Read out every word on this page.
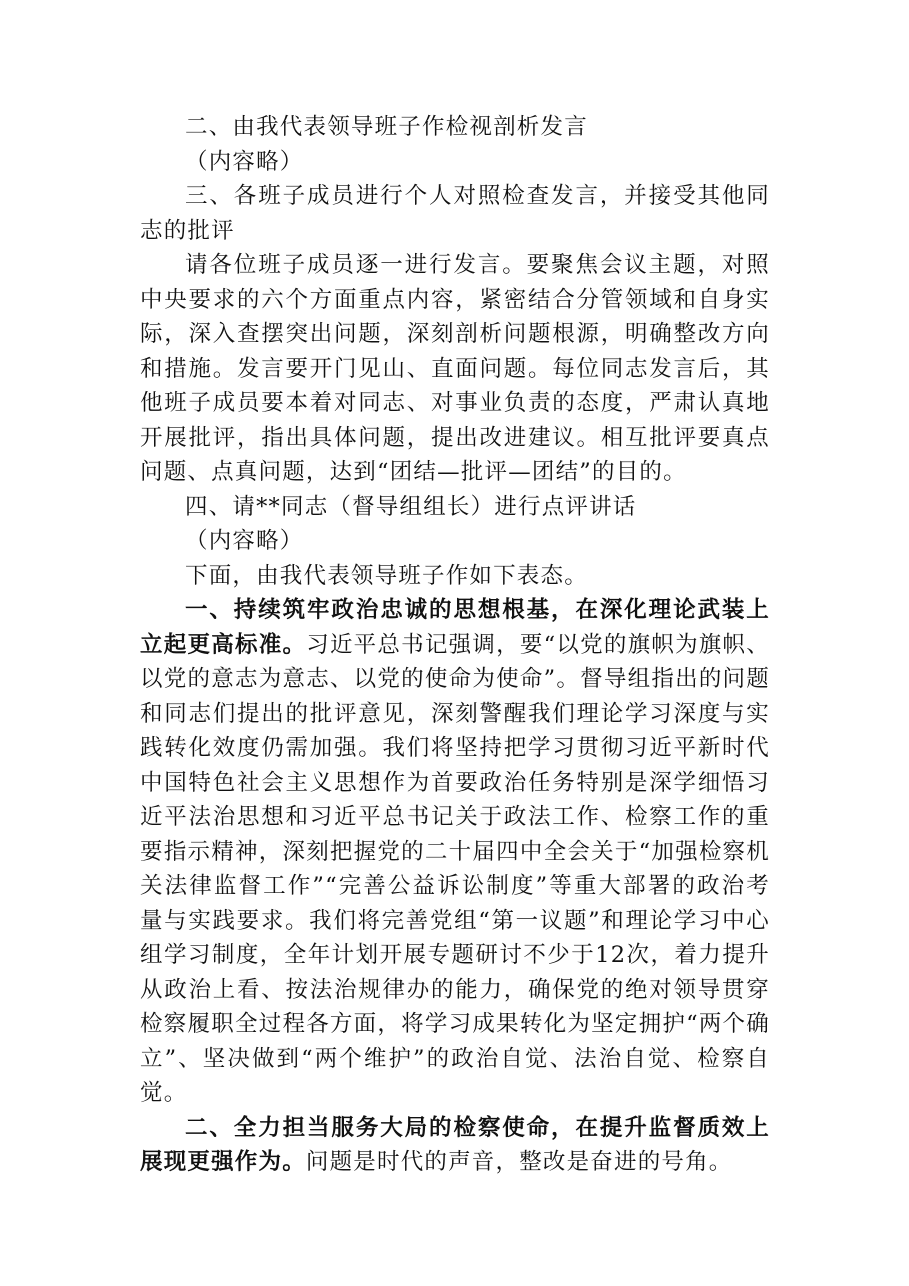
二、由我代表领导班子作检视剖析发言

（内容略）

三、各班子成员进行个人对照检查发言，并接受其他同志的批评

请各位班子成员逐一进行发言。要聚焦会议主题，对照中央要求的六个方面重点内容，紧密结合分管领域和自身实际，深入查摆突出问题，深刻剖析问题根源，明确整改方向和措施。发言要开门见山、直面问题。每位同志发言后，其他班子成员要本着对同志、对事业负责的态度，严肃认真地开展批评，指出具体问题，提出改进建议。相互批评要真点问题、点真问题，达到“团结—批评—团结”的目的。

四、请**同志（督导组组长）进行点评讲话

（内容略）

下面，由我代表领导班子作如下表态。

一、持续筑牢政治忠诚的思想根基，在深化理论武装上立起更高标准。习近平总书记强调，要“以党的旗帜为旗帜、以党的意志为意志、以党的使命为使命”。督导组指出的问题和同志们提出的批评意见，深刻警醒我们理论学习深度与实践转化效度仍需加强。我们将坚持把学习贯彻习近平新时代中国特色社会主义思想作为首要政治任务特别是深学细悟习近平法治思想和习近平总书记关于政法工作、检察工作的重要指示精神，深刻把握党的二十届四中全会关于“加强检察机关法律监督工作”“完善公益诉讼制度”等重大部署的政治考量与实践要求。我们将完善党组“第一议题”和理论学习中心组学习制度，全年计划开展专题研讨不少于12次，着力提升从政治上看、按法治规律办的能力，确保党的绝对领导贯穿检察履职全过程各方面，将学习成果转化为坚定拥护“两个确立”、坚决做到“两个维护”的政治自觉、法治自觉、检察自觉。

二、全力担当服务大局的检察使命，在提升监督质效上展现更强作为。问题是时代的声音，整改是奋进的号角。
